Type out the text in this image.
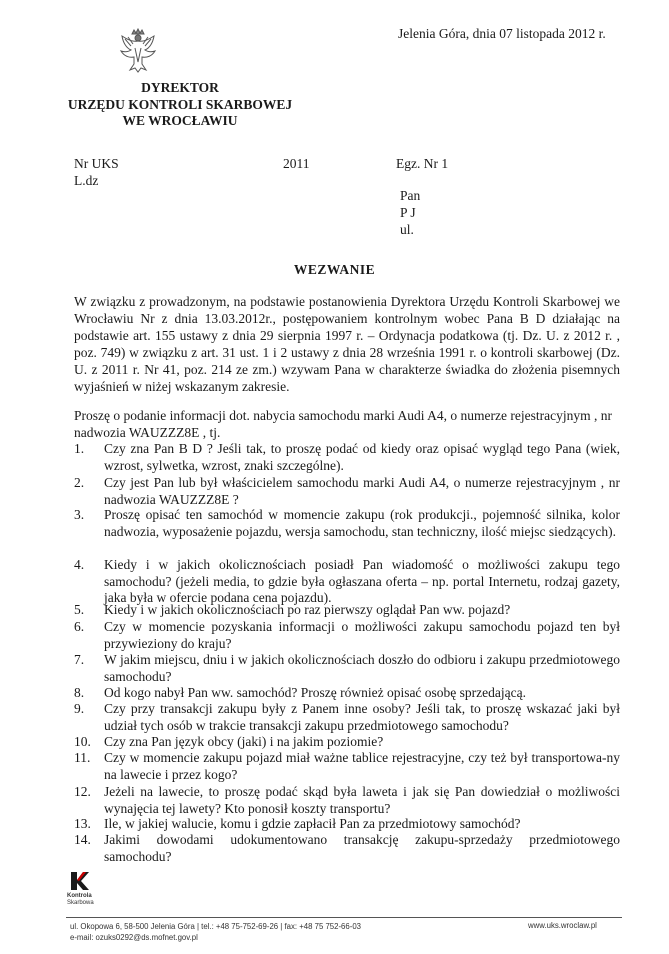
Jelenia Góra, dnia 07 listopada 2012 r.
DYREKTOR
URZĘDU KONTROLI SKARBOWEJ
WE WROCŁAWIU
Nr UKS	2011
L.dz
Egz. Nr 1
Pan
P J
ul.
WEZWANIE
W związku z prowadzonym, na podstawie postanowienia Dyrektora Urzędu Kontroli Skarbowej we Wrocławiu Nr z dnia 13.03.2012r., postępowaniem kontrolnym wobec Pana B D działając na podstawie art. 155 ustawy z dnia 29 sierpnia 1997 r. – Ordynacja podatkowa (tj. Dz. U. z 2012 r. , poz. 749) w związku z art. 31 ust. 1 i 2 ustawy z dnia 28 września 1991 r. o kontroli skarbowej (Dz. U. z 2011 r. Nr 41, poz. 214 ze zm.) wzywam Pana w charakterze świadka do złożenia pisemnych wyjaśnień w niżej wskazanym zakresie.
Proszę o podanie informacji dot. nabycia samochodu marki Audi A4, o numerze rejestracyjnym , nr nadwozia WAUZZZ8E , tj.
1.	Czy zna Pan B D ? Jeśli tak, to proszę podać od kiedy oraz opisać wygląd tego Pana (wiek, wzrost, sylwetka, wzrost, znaki szczególne).
2.	Czy jest Pan lub był właścicielem samochodu marki Audi A4, o numerze rejestracyjnym , nr nadwozia WAUZZZ8E ?
3.	Proszę opisać ten samochód w momencie zakupu (rok produkcji., pojemność silnika, kolor nadwozia, wyposażenie pojazdu, wersja samochodu, stan techniczny, ilość miejsc siedzących).
4.	Kiedy i w jakich okolicznościach posiadł Pan wiadomość o możliwości zakupu tego samochodu? (jeżeli media, to gdzie była ogłaszana oferta – np. portal Internetu, rodzaj gazety, jaka była w ofercie podana cena pojazdu).
5.	Kiedy i w jakich okolicznościach po raz pierwszy oglądał Pan ww. pojazd?
6.	Czy w momencie pozyskania informacji o możliwości zakupu samochodu pojazd ten był przywieziony do kraju?
7.	W jakim miejscu, dniu i w jakich okolicznościach doszło do odbioru i zakupu przedmiotowego samochodu?
8.	Od kogo nabył Pan ww. samochód? Proszę również opisać osobę sprzedającą.
9.	Czy przy transakcji zakupu były z Panem inne osoby? Jeśli tak, to proszę wskazać jaki był udział tych osób w trakcie transakcji zakupu przedmiotowego samochodu?
10. Czy zna Pan język obcy (jaki) i na jakim poziomie?
11.	Czy w momencie zakupu pojazd miał ważne tablice rejestracyjne, czy też był transportowa-ny na lawecie i przez kogo?
12. Jeżeli na lawecie, to proszę podać skąd była laweta i jak się Pan dowiedział o możliwości wynajęcia tej lawety? Kto ponosił koszty transportu?
13. Ile, w jakiej walucie, komu i gdzie zapłacił Pan za przedmiotowy samochód?
14. Jakimi dowodami udokumentowano transakcję zakupu-sprzedaży przedmiotowego samochodu?
Kontrola
Skarbowa
ul. Okopowa 6, 58-500 Jelenia Góra | tel.: +48 75-752-69-26 | fax: +48 75 752-66-03
e-mail: ozuks0292@ds.mofnet.gov.pl
www.uks.wroclaw.pl
